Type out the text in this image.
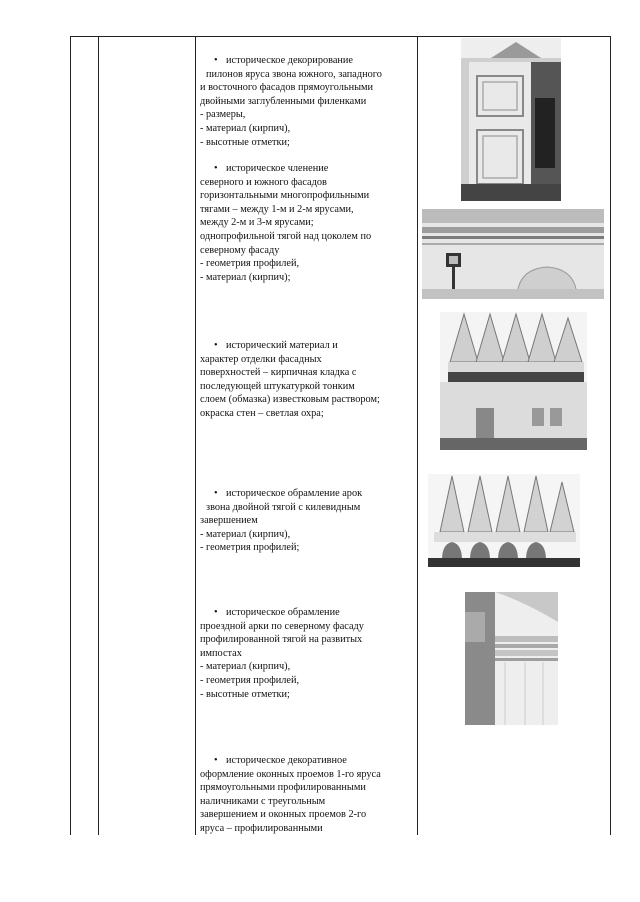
• историческое декорирование

пилонов яруса звона южного, западного

и восточного фасадов прямоугольными

двойными заглубленными филенками

- размеры,

- материал (кирпич),

- высотные отметки;

• историческое членение

северного и южного фасадов

горизонтальными многопрофильными

тягами – между 1-м и 2-м ярусами,

между 2-м и 3-м ярусами;

однопрофильной тягой над цоколем по

северному фасаду

- геометрия профилей,

- материал (кирпич);

• исторический материал и

характер отделки фасадных

поверхностей – кирпичная кладка с

последующей штукатуркой тонким

слоем (обмазка) известковым раствором;

окраска стен – светлая охра;

• историческое обрамление арок

звона двойной тягой с килевидным

завершением

- материал (кирпич),

- геометрия профилей;

• историческое обрамление

проездной арки по северному фасаду

профилированной тягой на развитых

импостах

- материал (кирпич),

- геометрия профилей,

- высотные отметки;

• историческое декоративное

оформление оконных проемов 1-го яруса

прямоугольными профилированными

наличниками с треугольным

завершением и оконных проемов 2-го

яруса – профилированными
